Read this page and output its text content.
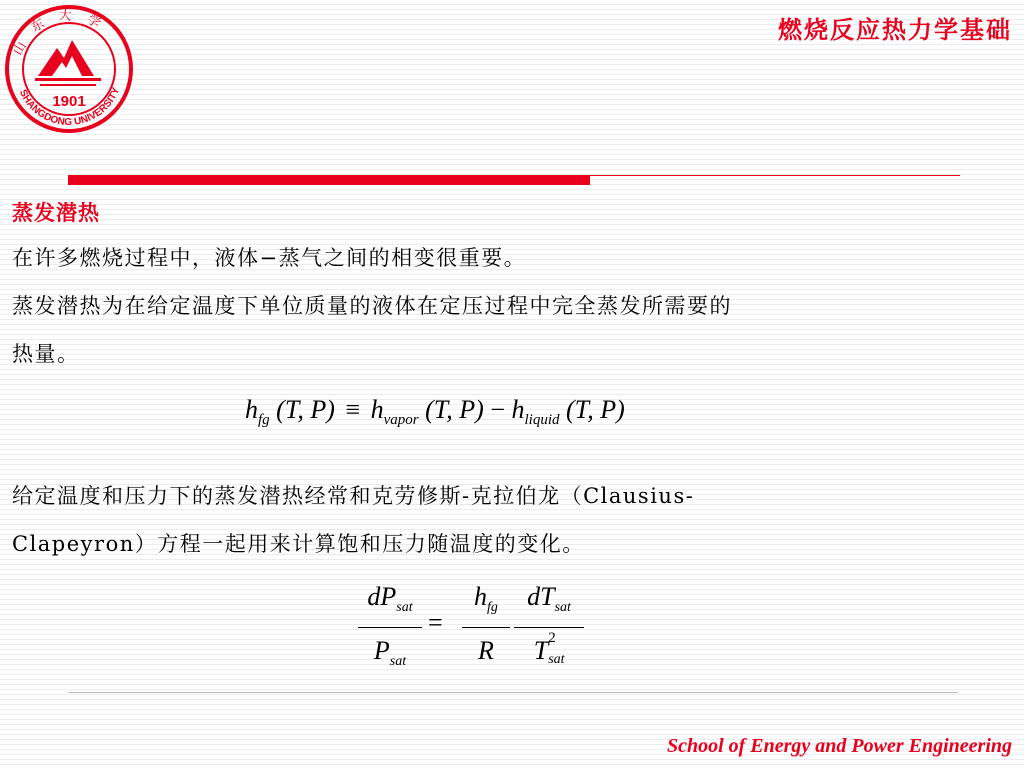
山东大学
SHANGDONG UNIVERSITY
1901
燃烧反应热力学基础
蒸发潜热
在许多燃烧过程中，液体−蒸气之间的相变很重要。
蒸发潜热为在给定温度下单位质量的液体在定压过程中完全蒸发所需要的
热量。
$h_{fg}$ (T, $P) \equiv h_{vapor}$ (T, $P) - h_{liquid}$ (T, P)
给定温度和压力下的蒸发潜热经常和克劳修斯-克拉伯龙（Clausius-
Clapeyron）方程一起用来计算饱和压力随温度的变化。
$dP_{sat}$
$P_{sat}$
=
$h_{fg}$
R
$dT_{sat}$
T 2
sat
School of Energy and Power Engineering
